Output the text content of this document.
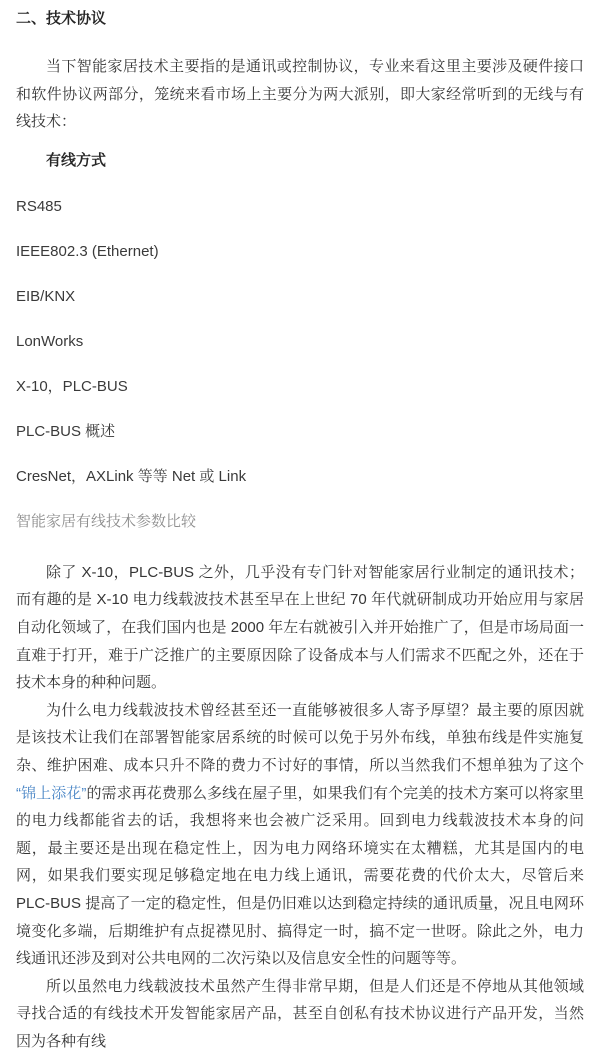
二、技术协议

当下智能家居技术主要指的是通讯或控制协议，专业来看这里主要涉及硬件接口和软件协议两部分，笼统来看市场上主要分为两大派别，即大家经常听到的无线与有线技术：

有线方式

RS485

IEEE802.3 (Ethernet)

EIB/KNX

LonWorks

X-10，PLC-BUS

PLC-BUS 概述

CresNet，AXLink 等等 Net 或 Link

智能家居有线技术参数比较

除了 X-10，PLC-BUS 之外，几乎没有专门针对智能家居行业制定的通讯技术；而有趣的是 X-10 电力线载波技术甚至早在上世纪 70 年代就研制成功开始应用与家居自动化领域了，在我们国内也是 2000 年左右就被引入并开始推广了，但是市场局面一直难于打开，难于广泛推广的主要原因除了设备成本与人们需求不匹配之外，还在于技术本身的种种问题。

为什么电力线载波技术曾经甚至还一直能够被很多人寄予厚望？最主要的原因就是该技术让我们在部署智能家居系统的时候可以免于另外布线，单独布线是件实施复杂、维护困难、成本只升不降的费力不讨好的事情，所以当然我们不想单独为了这个“锦上添花”的需求再花费那么多线在屋子里，如果我们有个完美的技术方案可以将家里的电力线都能省去的话，我想将来也会被广泛采用。回到电力线载波技术本身的问题，最主要还是出现在稳定性上，因为电力网络环境实在太糟糕，尤其是国内的电网，如果我们要实现足够稳定地在电力线上通讯，需要花费的代价太大，尽管后来 PLC-BUS 提高了一定的稳定性，但是仍旧难以达到稳定持续的通讯质量，况且电网环境变化多端，后期维护有点捉襟见肘、搞得定一时，搞不定一世呀。除此之外，电力线通讯还涉及到对公共电网的二次污染以及信息安全性的问题等等。

所以虽然电力线载波技术虽然产生得非常早期，但是人们还是不停地从其他领域寻找合适的有线技术开发智能家居产品，甚至自创私有技术协议进行产品开发，当然因为各种有线
